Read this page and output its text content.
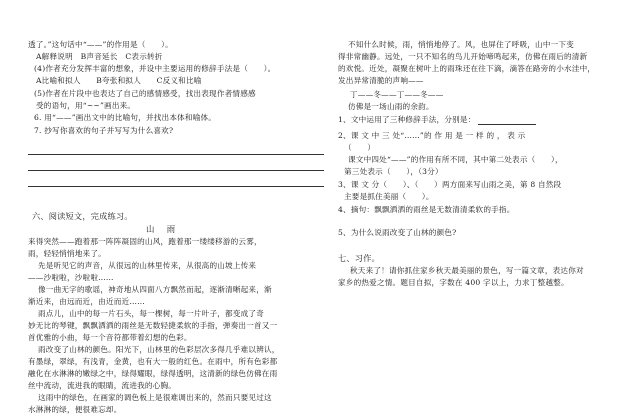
透了。”这句话中“——”的作用是（　　）。
A解释说明　B声音延长　C表示转折
(4)作者充分发挥丰富的想象，并设中主要运用的修辞手法是（　　）。
A比喻和拟人　　B夸张和拟人　　C反义和比喻
(5)作者在片段中也表达了自己的感情感受，找出表现作者情感感
受的语句，用“~~”画出来。
6. 用“——”画出文中的比喻句，并找出本体和喻体。
7. 抄写你喜欢的句子并写写为什么喜欢?
六、阅读短文，完成练习。
山　雨
来得突然——跑着那一阵阵凝固的山风，跑着那一缕缕移游的云雾，
雨，轻轻悄悄地来了。
先是听见它的声音，从很远的山林里传来，从很高的山坡上传来
——沙啦啦，沙啦啦……
像一曲无字的歌谣，神奇地从四面八方飘然而起，逐渐清晰起来，渐
渐近来，由远而近，由近而近……
雨点儿，山中的每一片石头，每一棵树，每一片叶子，都变成了奇
妙无比的琴键，飘飘洒洒的雨丝是无数轻捷柔软的手指，弹奏出一首又一
首优雅的小曲，每一个音符都带着幻想的色彩。
雨改变了山林的颜色。阳光下，山林里的色彩层次多得几乎难以辨认，
有墨绿，翠绿，有浅青，金黄，也有大一般的红色。在雨中，所有色彩都
融化在水淋淋的嫩绿之中，绿得耀眼，绿得透明，这清新的绿色仿佛在雨
丝中流动，流进我的眼睛，流进我的心胸。
这雨中的绿色，在画家的调色板上是很难调出来的，然而只要见过这
水淋淋的绿，便很难忘却。
不知什么时候，雨，悄悄地停了。风，也屏住了呼吸，山中一下变
得非常幽静。远处，一只不知名的鸟儿开始啼鸣起来，仿佛在雨后的清新
的欢悦。近处，凝聚在树叶上的雨珠还在往下滴，滴答在路旁的小水洼中，
发出异常清脆的声响——
丁——冬——丁——冬——
仿佛是一场山雨的余韵。
1、文中运用了三种修辞手法，分别是：
2、课 文 中 三 处“……”的 作 用 是 一 样 的 ， 表 示
（　　）
课文中四处“——”的作用有所不同，其中第二处表示（　　），
第三处表示（　　），（3分）
3、课 文 分（　　）、（　　）两方面来写山雨之美，第 8 自然段
主要是抓住美丽（　　）。
4、摘句：飘飘洒洒的雨丝是无数清清柔软的手指。
5、为什么说雨改变了山林的颜色?
七、习作。
秋天来了！请你抓住家乡秋天最美丽的景色，写一篇文章，表达你对
家乡的热爱之情。题目自拟，字数在 400 字以上，力求丁整越整。
